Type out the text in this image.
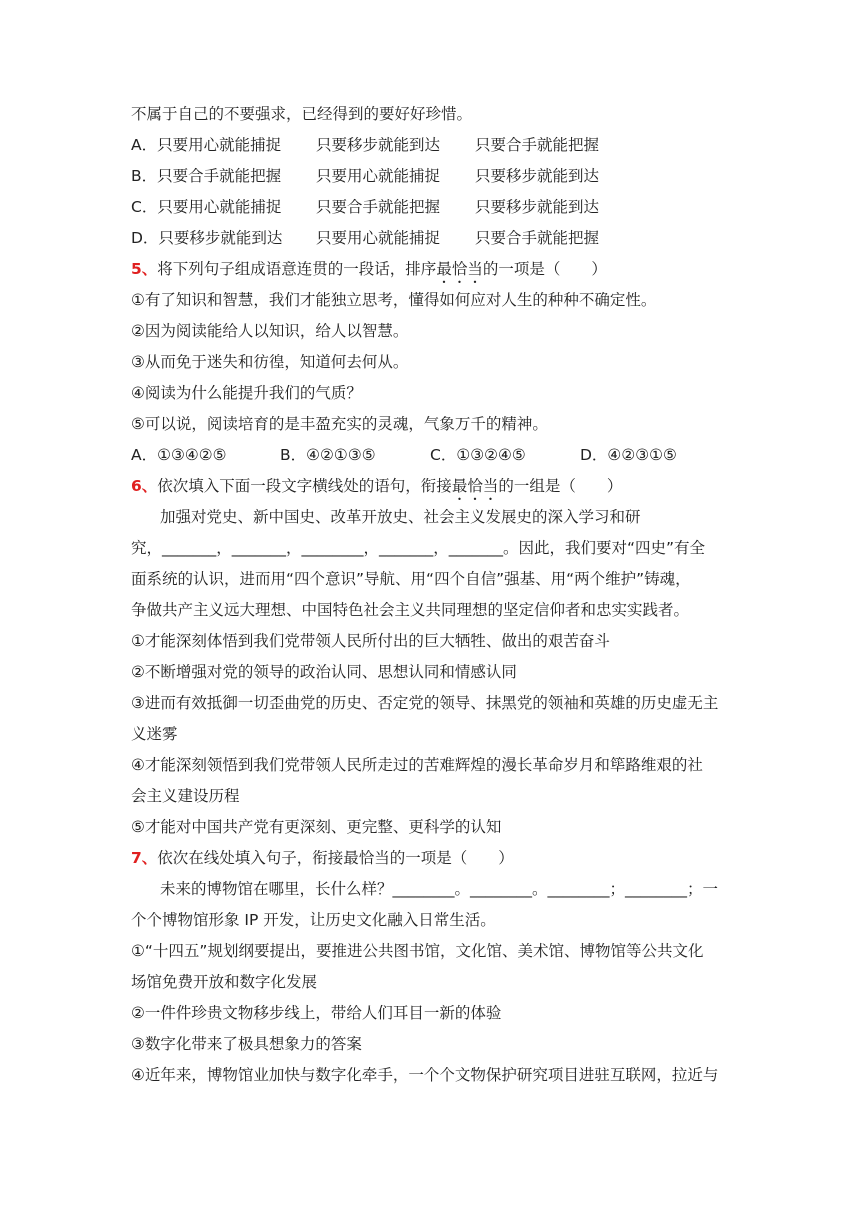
不属于自己的不要强求，已经得到的要好好珍惜。
A．只要用心就能捕捉 只要移步就能到达 只要合手就能把握
B．只要合手就能把握 只要用心就能捕捉 只要移步就能到达
C．只要用心就能捕捉 只要合手就能把握 只要移步就能到达
D．只要移步就能到达 只要用心就能捕捉 只要合手就能把握
5、将下列句子组成语意连贯的一段话，排序最恰当的一项是（　　）
①有了知识和智慧，我们才能独立思考，懂得如何应对人生的种种不确定性。
②因为阅读能给人以知识，给人以智慧。
③从而免于迷失和彷徨，知道何去何从。
④阅读为什么能提升我们的气质？
⑤可以说，阅读培育的是丰盈充实的灵魂，气象万千的精神。
A．①③④②⑤	B．④②①③⑤	C．①③②④⑤	D．④②③①⑤
6、依次填入下面一段文字横线处的语句，衔接最恰当的一组是（　　）
加强对党史、新中国史、改革开放史、社会主义发展史的深入学习和研
究，_______，_______，________，_______，_______。因此，我们要对“四史”有全
面系统的认识，进而用“四个意识”导航、用“四个自信”强基、用“两个维护”铸魂，
争做共产主义远大理想、中国特色社会主义共同理想的坚定信仰者和忠实实践者。
①才能深刻体悟到我们党带领人民所付出的巨大牺牲、做出的艰苦奋斗
②不断增强对党的领导的政治认同、思想认同和情感认同
③进而有效抵御一切歪曲党的历史、否定党的领导、抹黑党的领袖和英雄的历史虚无主
义迷雾
④才能深刻领悟到我们党带领人民所走过的苦难辉煌的漫长革命岁月和筚路维艰的社
会主义建设历程
⑤才能对中国共产党有更深刻、更完整、更科学的认知
7、依次在线处填入句子，衔接最恰当的一项是（　　）
未来的博物馆在哪里，长什么样？________。________。________；________；一
个个博物馆形象 IP 开发，让历史文化融入日常生活。
①“十四五”规划纲要提出，要推进公共图书馆，文化馆、美术馆、博物馆等公共文化
场馆免费开放和数字化发展
②一件件珍贵文物移步线上，带给人们耳目一新的体验
③数字化带来了极具想象力的答案
④近年来，博物馆业加快与数字化牵手，一个个文物保护研究项目进驻互联网，拉近与
